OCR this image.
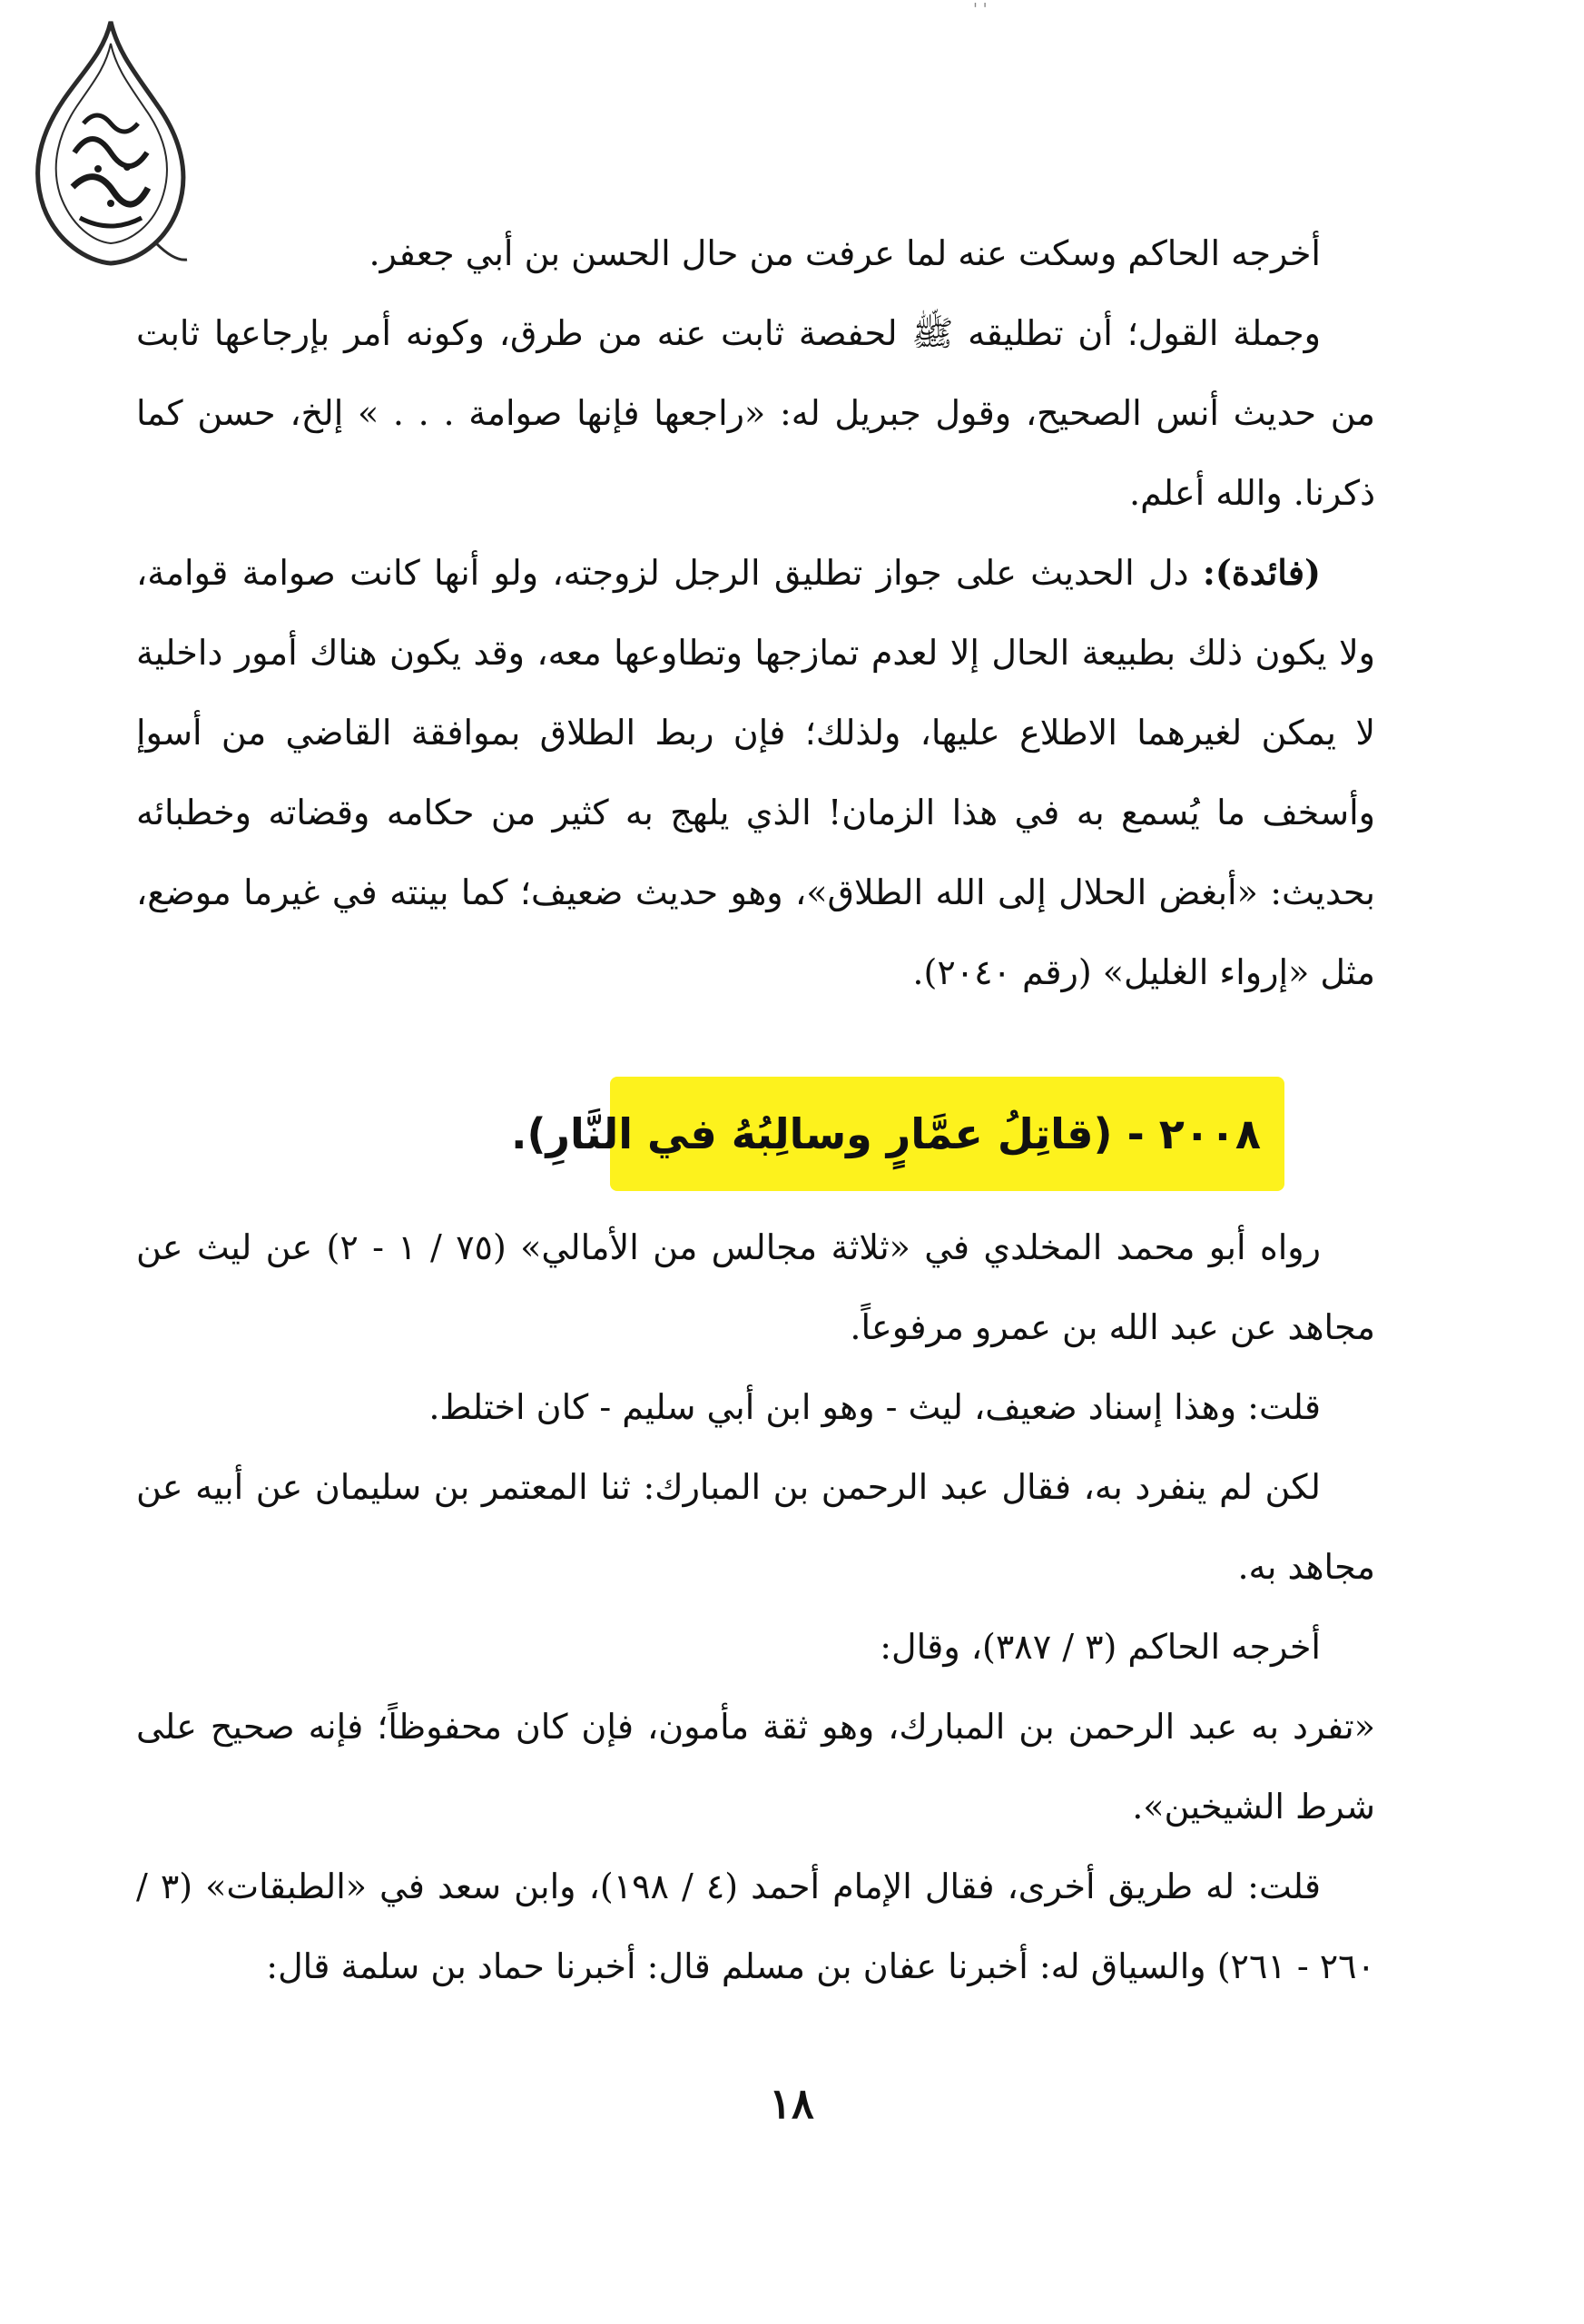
' '

أخرجه الحاكم وسكت عنه لما عرفت من حال الحسن بن أبي جعفر.

وجملة القول؛ أن تطليقه ﷺ لحفصة ثابت عنه من طرق، وكونه أمر بإرجاعها ثابت من حديث أنس الصحيح، وقول جبريل له: «راجعها فإنها صوامة . . . » إلخ، حسن كما ذكرنا. والله أعلم.

(فائدة): دل الحديث على جواز تطليق الرجل لزوجته، ولو أنها كانت صوامة قوامة، ولا يكون ذلك بطبيعة الحال إلا لعدم تمازجها وتطاوعها معه، وقد يكون هناك أمور داخلية لا يمكن لغيرهما الاطلاع عليها، ولذلك؛ فإن ربط الطلاق بموافقة القاضي من أسوإ وأسخف ما يُسمع به في هذا الزمان! الذي يلهج به كثير من حكامه وقضاته وخطبائه بحديث: «أبغض الحلال إلى الله الطلاق»، وهو حديث ضعيف؛ كما بينته في غيرما موضع، مثل «إرواء الغليل» (رقم ٢٠٤٠).

٢٠٠٨ - (قاتِلُ عمَّارٍ وسالِبُهُ في النَّارِ).

رواه أبو محمد المخلدي في «ثلاثة مجالس من الأمالي» (٧٥ / ١ - ٢) عن ليث عن مجاهد عن عبد الله بن عمرو مرفوعاً.

قلت: وهذا إسناد ضعيف، ليث - وهو ابن أبي سليم - كان اختلط.

لكن لم ينفرد به، فقال عبد الرحمن بن المبارك: ثنا المعتمر بن سليمان عن أبيه عن مجاهد به.

أخرجه الحاكم (٣ / ٣٨٧)، وقال:

«تفرد به عبد الرحمن بن المبارك، وهو ثقة مأمون، فإن كان محفوظاً؛ فإنه صحيح على شرط الشيخين».

قلت: له طريق أخرى، فقال الإمام أحمد (٤ / ١٩٨)، وابن سعد في «الطبقات» (٣ / ٢٦٠ - ٢٦١) والسياق له: أخبرنا عفان بن مسلم قال: أخبرنا حماد بن سلمة قال:

١٨
